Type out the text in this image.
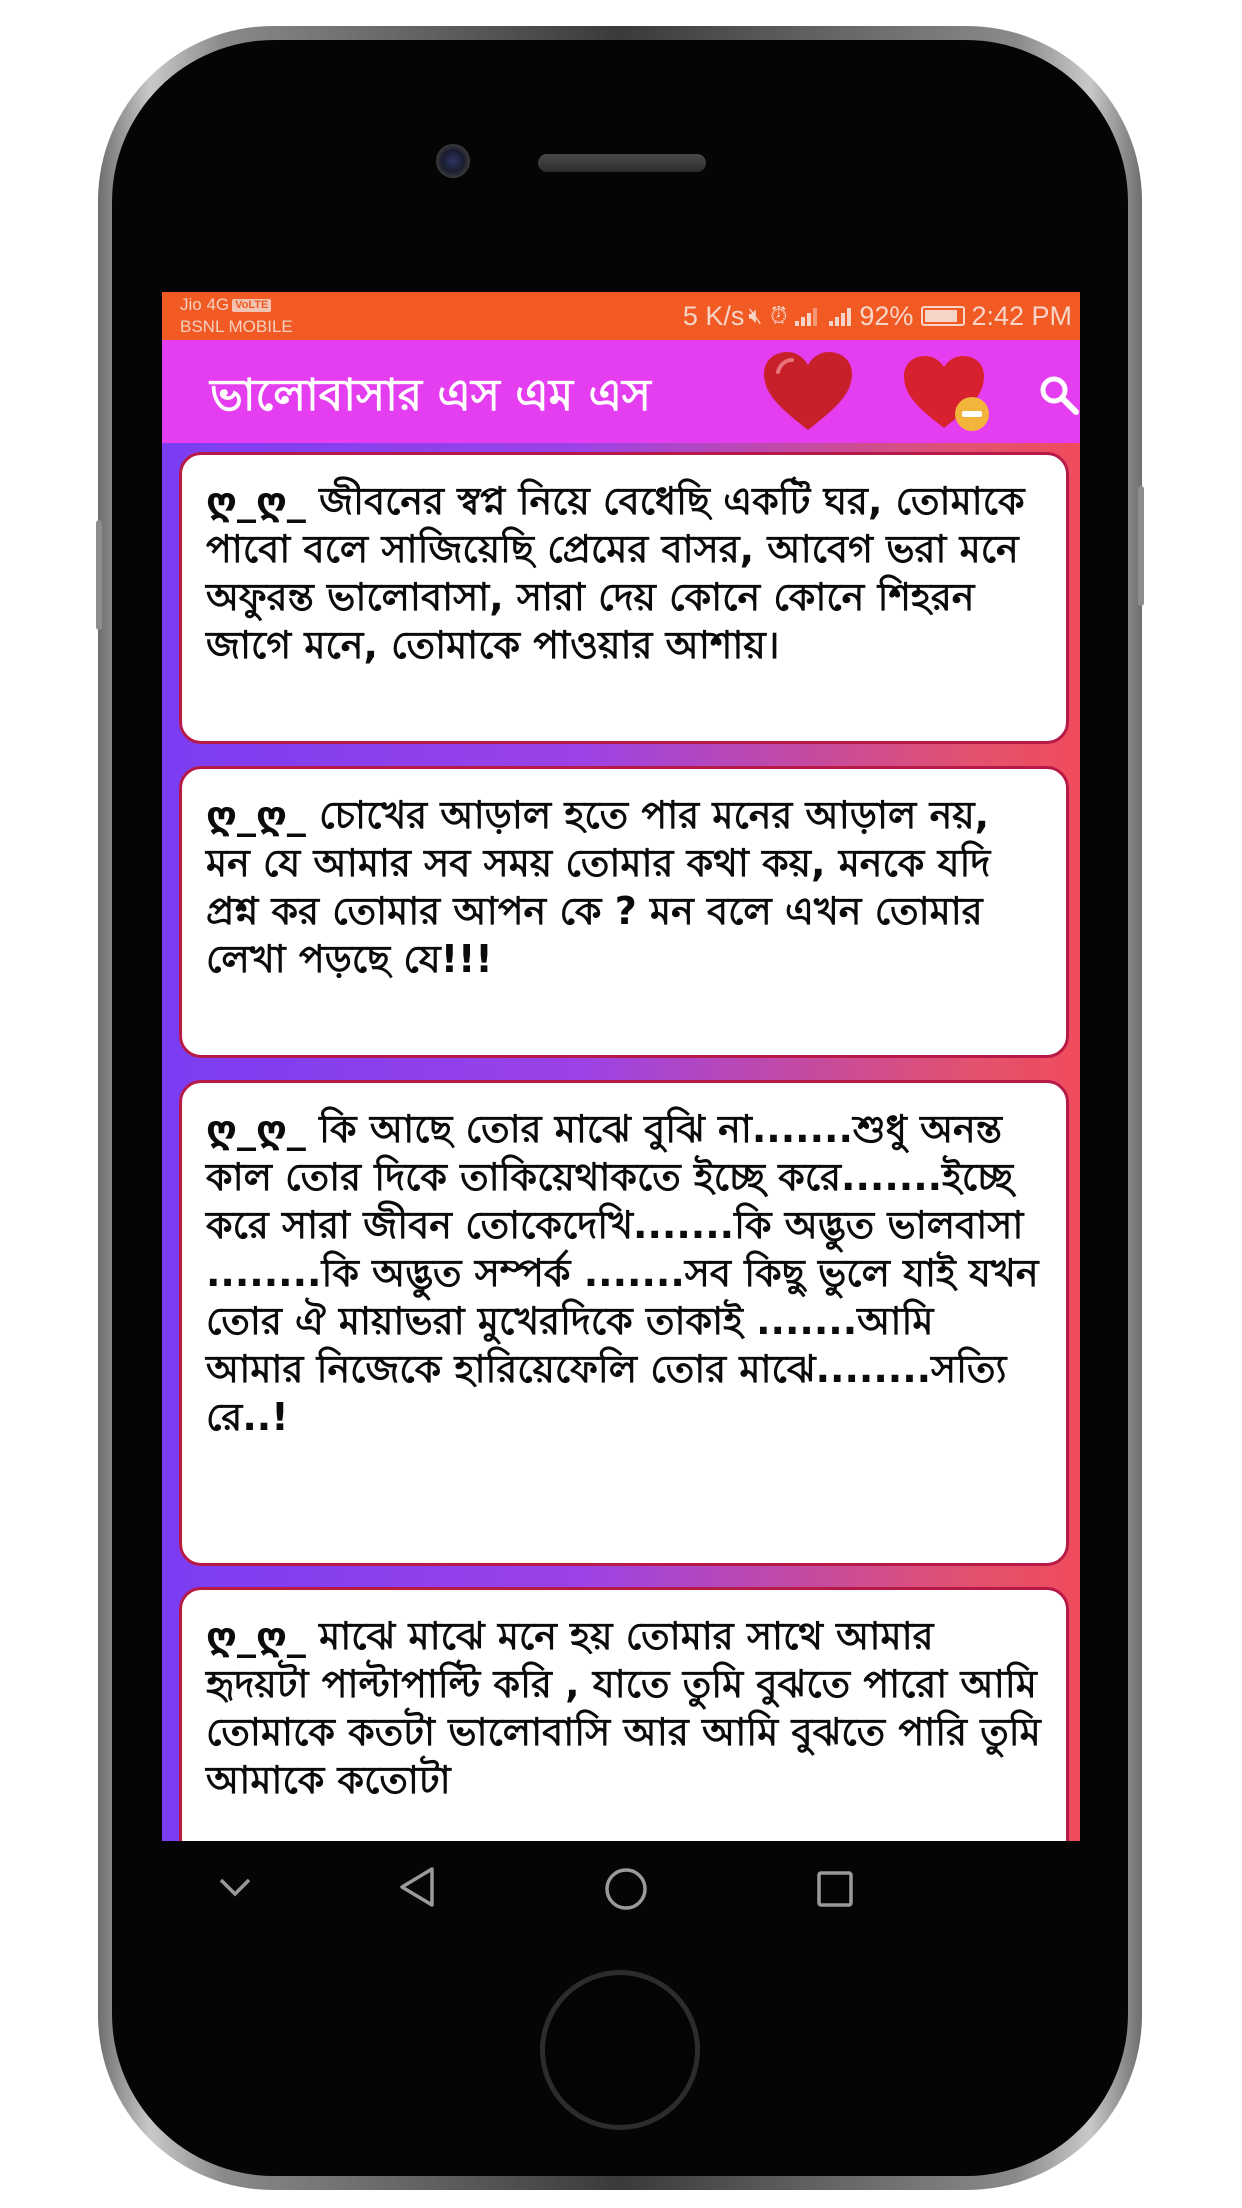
Jio 4G VoLTE
BSNL MOBILE	5 K/s 🔇︎ ⏰︎	92% 2:42 PM
ভালোবাসার এস এম এস

ღ_ღ_ জীবনের স্বপ্ন নিয়ে বেধেছি একটি ঘর, তোমাকে পাবো বলে সাজিয়েছি প্রেমের বাসর, আবেগ ভরা মনে অফুরন্ত ভালোবাসা, সারা দেয় কোনে কোনে শিহরন জাগে মনে, তোমাকে পাওয়ার আশায়।

ღ_ღ_ চোখের আড়াল হতে পার মনের আড়াল নয়, মন যে আমার সব সময় তোমার কথা কয়, মনকে যদি প্রশ্ন কর তোমার আপন কে ? মন বলে এখন তোমার লেখা পড়ছে যে!!!

ღ_ღ_ কি আছে তোর মাঝে বুঝি না.......শুধু অনন্ত কাল তোর দিকে তাকিয়েথাকতে ইচ্ছে করে.......ইচ্ছে করে সারা জীবন তোকেদেখি.......কি অদ্ভুত ভালবাসা ........কি অদ্ভুত সম্পর্ক .......সব কিছু ভুলে যাই যখন তোর ঐ মায়াভরা মুখেরদিকে তাকাই .......আমি আমার নিজেকে হারিয়েফেলি তোর মাঝে........সত্যি রে..!

ღ_ღ_ মাঝে মাঝে মনে হয় তোমার সাথে আমার হৃদয়টা পাল্টাপাল্টি করি , যাতে তুমি বুঝতে পারো আমি তোমাকে কতটা ভালোবাসি আর আমি বুঝতে পারি তুমি আমাকে কতোটা
